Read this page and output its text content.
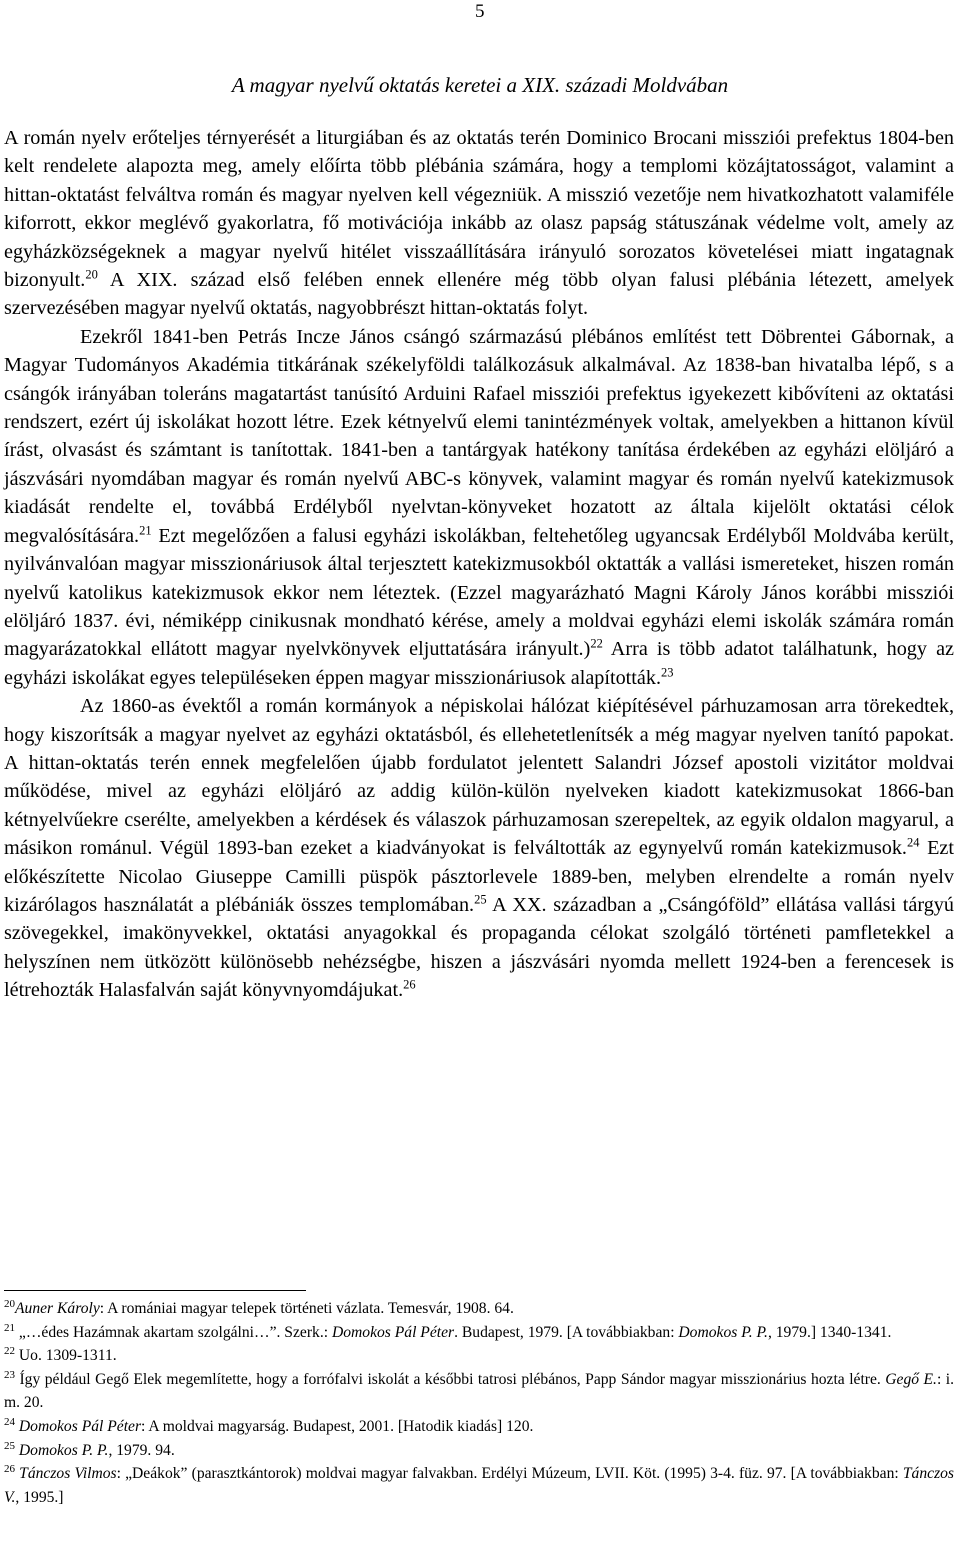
5
A magyar nyelvű oktatás keretei a XIX. századi Moldvában

A román nyelv erőteljes térnyerését a liturgiában és az oktatás terén Dominico Brocani missziói prefektus 1804-ben kelt rendelete alapozta meg, amely előírta több plébánia számára, hogy a templomi közájtatosságot, valamint a hittan-oktatást felváltva román és magyar nyelven kell végezniük. A misszió vezetője nem hivatkozhatott valamiféle kiforrott, ekkor meglévő gyakorlatra, fő motivációja inkább az olasz papság státuszának védelme volt, amely az egyházközségeknek a magyar nyelvű hitélet visszaállítására irányuló sorozatos követelései miatt ingatagnak bizonyult.$^{20}$ A XIX. század első felében ennek ellenére még több olyan falusi plébánia létezett, amelyek szervezésében magyar nyelvű oktatás, nagyobbrészt hittan-oktatás folyt.

Ezekről 1841-ben Petrás Incze János csángó származású plébános említést tett Döbrentei Gábornak, a Magyar Tudományos Akadémia titkárának székelyföldi találkozásuk alkalmával. Az 1838-ban hivatalba lépő, s a csángók irányában toleráns magatartást tanúsító Arduini Rafael missziói prefektus igyekezett kibővíteni az oktatási rendszert, ezért új iskolákat hozott létre. Ezek kétnyelvű elemi tanintézmények voltak, amelyekben a hittanon kívül írást, olvasást és számtant is tanítottak. 1841-ben a tantárgyak hatékony tanítása érdekében az egyházi elöljáró a jászvásári nyomdában magyar és román nyelvű ABC-s könyvek, valamint magyar és román nyelvű katekizmusok kiadását rendelte el, továbbá Erdélyből nyelvtan-könyveket hozatott az általa kijelölt oktatási célok megvalósítására.$^{21}$ Ezt megelőzően a falusi egyházi iskolákban, feltehetőleg ugyancsak Erdélyből Moldvába került, nyilvánvalóan magyar misszionáriusok által terjesztett katekizmusokból oktatták a vallási ismereteket, hiszen román nyelvű katolikus katekizmusok ekkor nem léteztek. (Ezzel magyarázható Magni Károly János korábbi missziói elöljáró 1837. évi, némiképp cinikusnak mondható kérése, amely a moldvai egyházi elemi iskolák számára román magyarázatokkal ellátott magyar nyelvkönyvek eljuttatására irányult.)$^{22}$ Arra is több adatot találhatunk, hogy az egyházi iskolákat egyes településeken éppen magyar misszionáriusok alapították.$^{23}$

Az 1860-as évektől a román kormányok a népiskolai hálózat kiépítésével párhuzamosan arra törekedtek, hogy kiszorítsák a magyar nyelvet az egyházi oktatásból, és ellehetetlenítsék a még magyar nyelven tanító papokat. A hittan-oktatás terén ennek megfelelően újabb fordulatot jelentett Salandri József apostoli vizitátor moldvai működése, mivel az egyházi elöljáró az addig külön-külön nyelveken kiadott katekizmusokat 1866-ban kétnyelvűekre cserélte, amelyekben a kérdések és válaszok párhuzamosan szerepeltek, az egyik oldalon magyarul, a másikon románul. Végül 1893-ban ezeket a kiadványokat is felváltották az egynyelvű román katekizmusok.$^{24}$ Ezt előkészítette Nicolao Giuseppe Camilli püspök pásztorlevele 1889-ben, melyben elrendelte a román nyelv kizárólagos használatát a plébániák összes templomában.$^{25}$ A XX. században a „Csángóföld” ellátása vallási tárgyú szövegekkel, imakönyvekkel, oktatási anyagokkal és propaganda célokat szolgáló történeti pamfletekkel a helyszínen nem ütközött különösebb nehézségbe, hiszen a jászvásári nyomda mellett 1924-ben a ferencesek is létrehozták Halasfalván saját könyvnyomdájukat.$^{26}$

$^{20}$Auner Károly: A romániai magyar telepek történeti vázlata. Temesvár, 1908. 64.

$^{21}$ „…édes Hazámnak akartam szolgálni…”. Szerk.: Domokos Pál Péter. Budapest, 1979. [A továbbiakban: Domokos P. P., 1979.] 1340-1341.

$^{22}$ Uo. 1309-1311.

$^{23}$ Így például Gegő Elek megemlítette, hogy a forrófalvi iskolát a későbbi tatrosi plébános, Papp Sándor magyar misszionárius hozta létre. Gegő E.: i. m. 20.

$^{24}$ Domokos Pál Péter: A moldvai magyarság. Budapest, 2001. [Hatodik kiadás] 120.

$^{25}$ Domokos P. P., 1979. 94.

$^{26}$ Tánczos Vilmos: „Deákok” (parasztkántorok) moldvai magyar falvakban. Erdélyi Múzeum, LVII. Köt. (1995) 3-4. füz. 97. [A továbbiakban: Tánczos V., 1995.]
